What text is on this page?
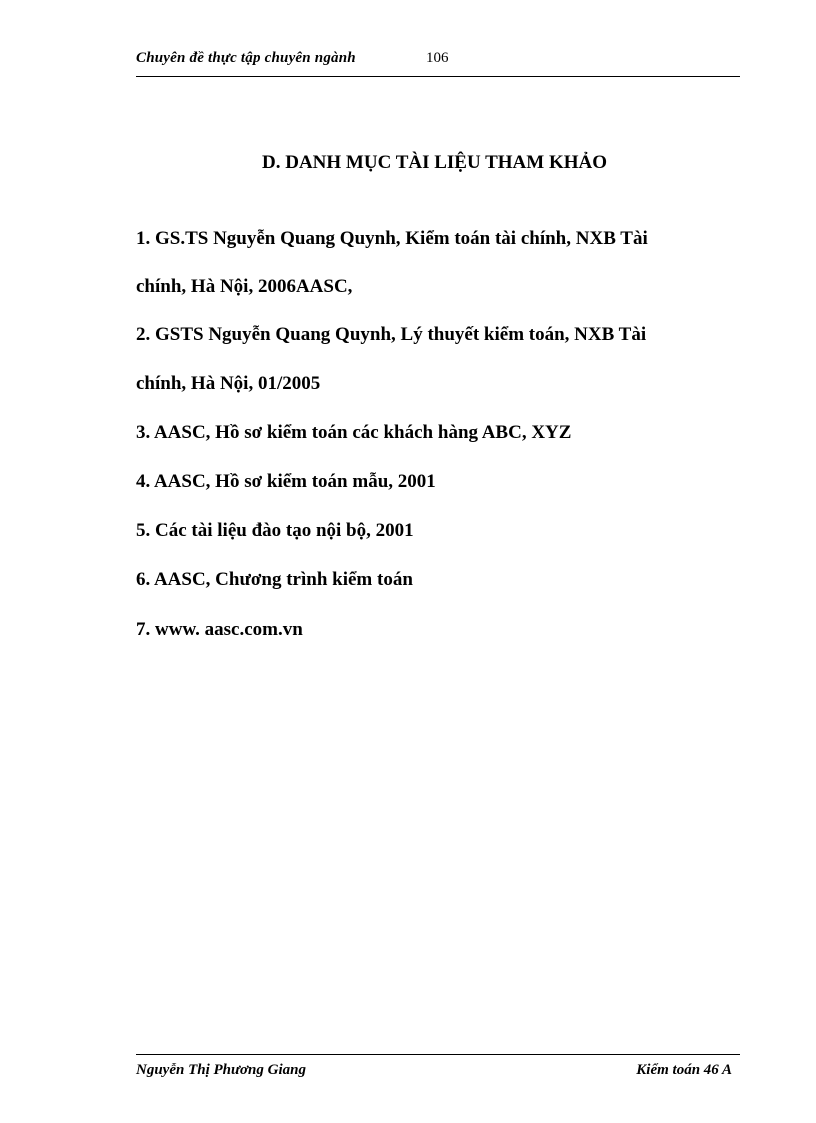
Chuyên đề thực tập chuyên ngành	106
D. DANH MỤC TÀI LIỆU THAM KHẢO
1. GS.TS Nguyễn Quang Quynh, Kiểm toán tài chính, NXB Tài
chính, Hà Nội, 2006AASC,
2. GSTS Nguyễn Quang Quynh, Lý thuyết kiểm toán, NXB Tài
chính, Hà Nội, 01/2005
3. AASC, Hồ sơ kiểm toán các khách hàng ABC, XYZ
4. AASC, Hồ sơ kiểm toán mẫu, 2001
5. Các tài liệu đào tạo nội bộ, 2001
6. AASC, Chương trình kiểm toán
7. www. aasc.com.vn
Nguyễn Thị Phương Giang	Kiểm toán 46 A
